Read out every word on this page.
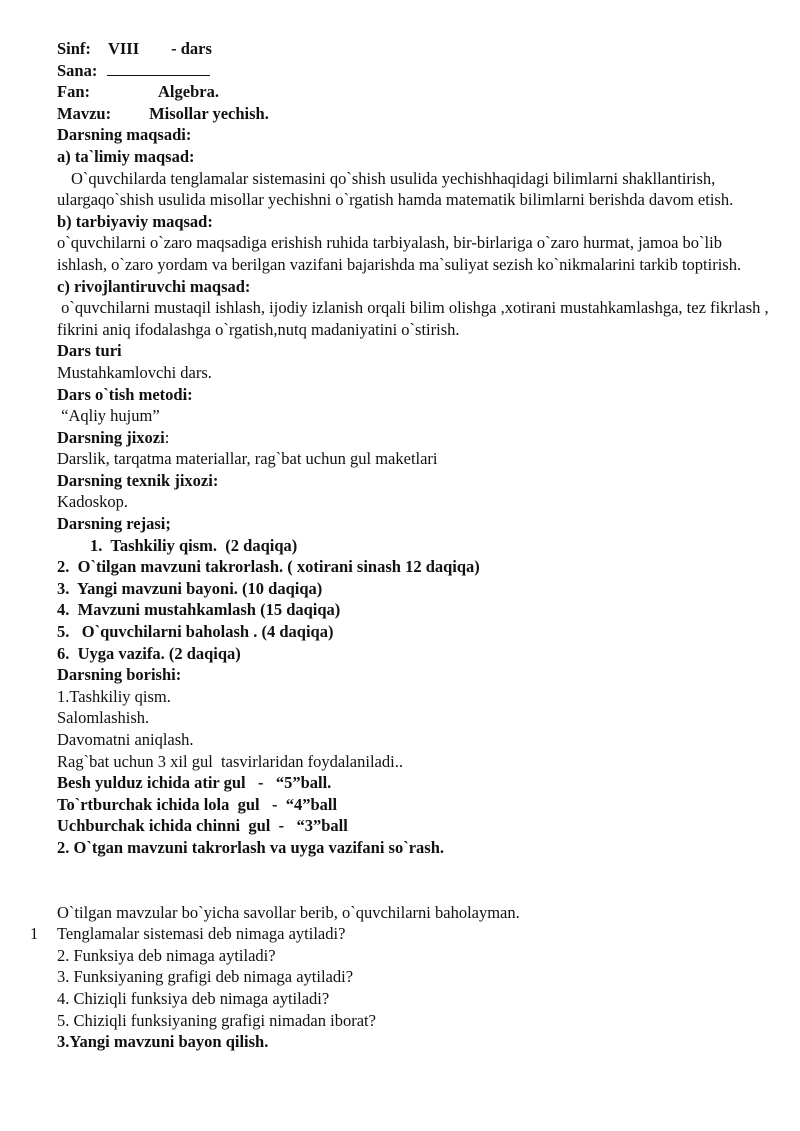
Sinf: VIII - dars
Sana:
Fan:	Algebra.
Mavzu: Misollar yechish.
Darsning maqsadi:
a) ta`limiy maqsad:
O`quvchilarda tenglamalar sistemasini qo`shish usulida yechishhaqidagi bilimlarni shakllantirish, ulargaqo`shish usulida misollar yechishni o`rgatish hamda matematik bilimlarni berishda davom etish.
b) tarbiyaviy maqsad:
o`quvchilarni o`zaro maqsadiga erishish ruhida tarbiyalash, bir-birlariga o`zaro hurmat, jamoa bo`lib ishlash, o`zaro yordam va berilgan vazifani bajarishda ma`suliyat sezish ko`nikmalarini tarkib toptirish.
c) rivojlantiruvchi maqsad:
o`quvchilarni mustaqil ishlash, ijodiy izlanish orqali bilim olishga ,xotirani mustahkamlashga, tez fikrlash , fikrini aniq ifodalashga o`rgatish,nutq madaniyatini o`stirish.
Dars turi
Mustahkamlovchi dars.
Dars o`tish metodi:
“Aqliy hujum”
Darsning jixozi:
Darslik, tarqatma materiallar, rag`bat uchun gul maketlari
Darsning texnik jixozi:
Kadoskop.
Darsning rejasi;
1.  Tashkiliy qism.  (2 daqiqa)
2.  O`tilgan mavzuni takrorlash. ( xotirani sinash 12 daqiqa)
3.  Yangi mavzuni bayoni. (10 daqiqa)
4.  Mavzuni mustahkamlash (15 daqiqa)
5.   O`quvchilarni baholash . (4 daqiqa)
6.  Uyga vazifa. (2 daqiqa)
Darsning borishi:
1.Tashkiliy qism.
Salomlashish.
Davomatni aniqlash.
Rag`bat uchun 3 xil gul  tasvirlaridan foydalaniladi..
Besh yulduz ichida atir gul   -   “5”ball.
To`rtburchak ichida lola  gul   -  “4”ball
Uchburchak ichida chinni  gul  -   “3”ball
2. O`tgan mavzuni takrorlash va uyga vazifani so`rash.
O`tilgan mavzular bo`yicha savollar berib, o`quvchilarni baholayman.
1 Tenglamalar sistemasi deb nimaga aytiladi?
2. Funksiya deb nimaga aytiladi?
3. Funksiyaning grafigi deb nimaga aytiladi?
4. Chiziqli funksiya deb nimaga aytiladi?
5. Chiziqli funksiyaning grafigi nimadan iborat?
3.Yangi mavzuni bayon qilish.
